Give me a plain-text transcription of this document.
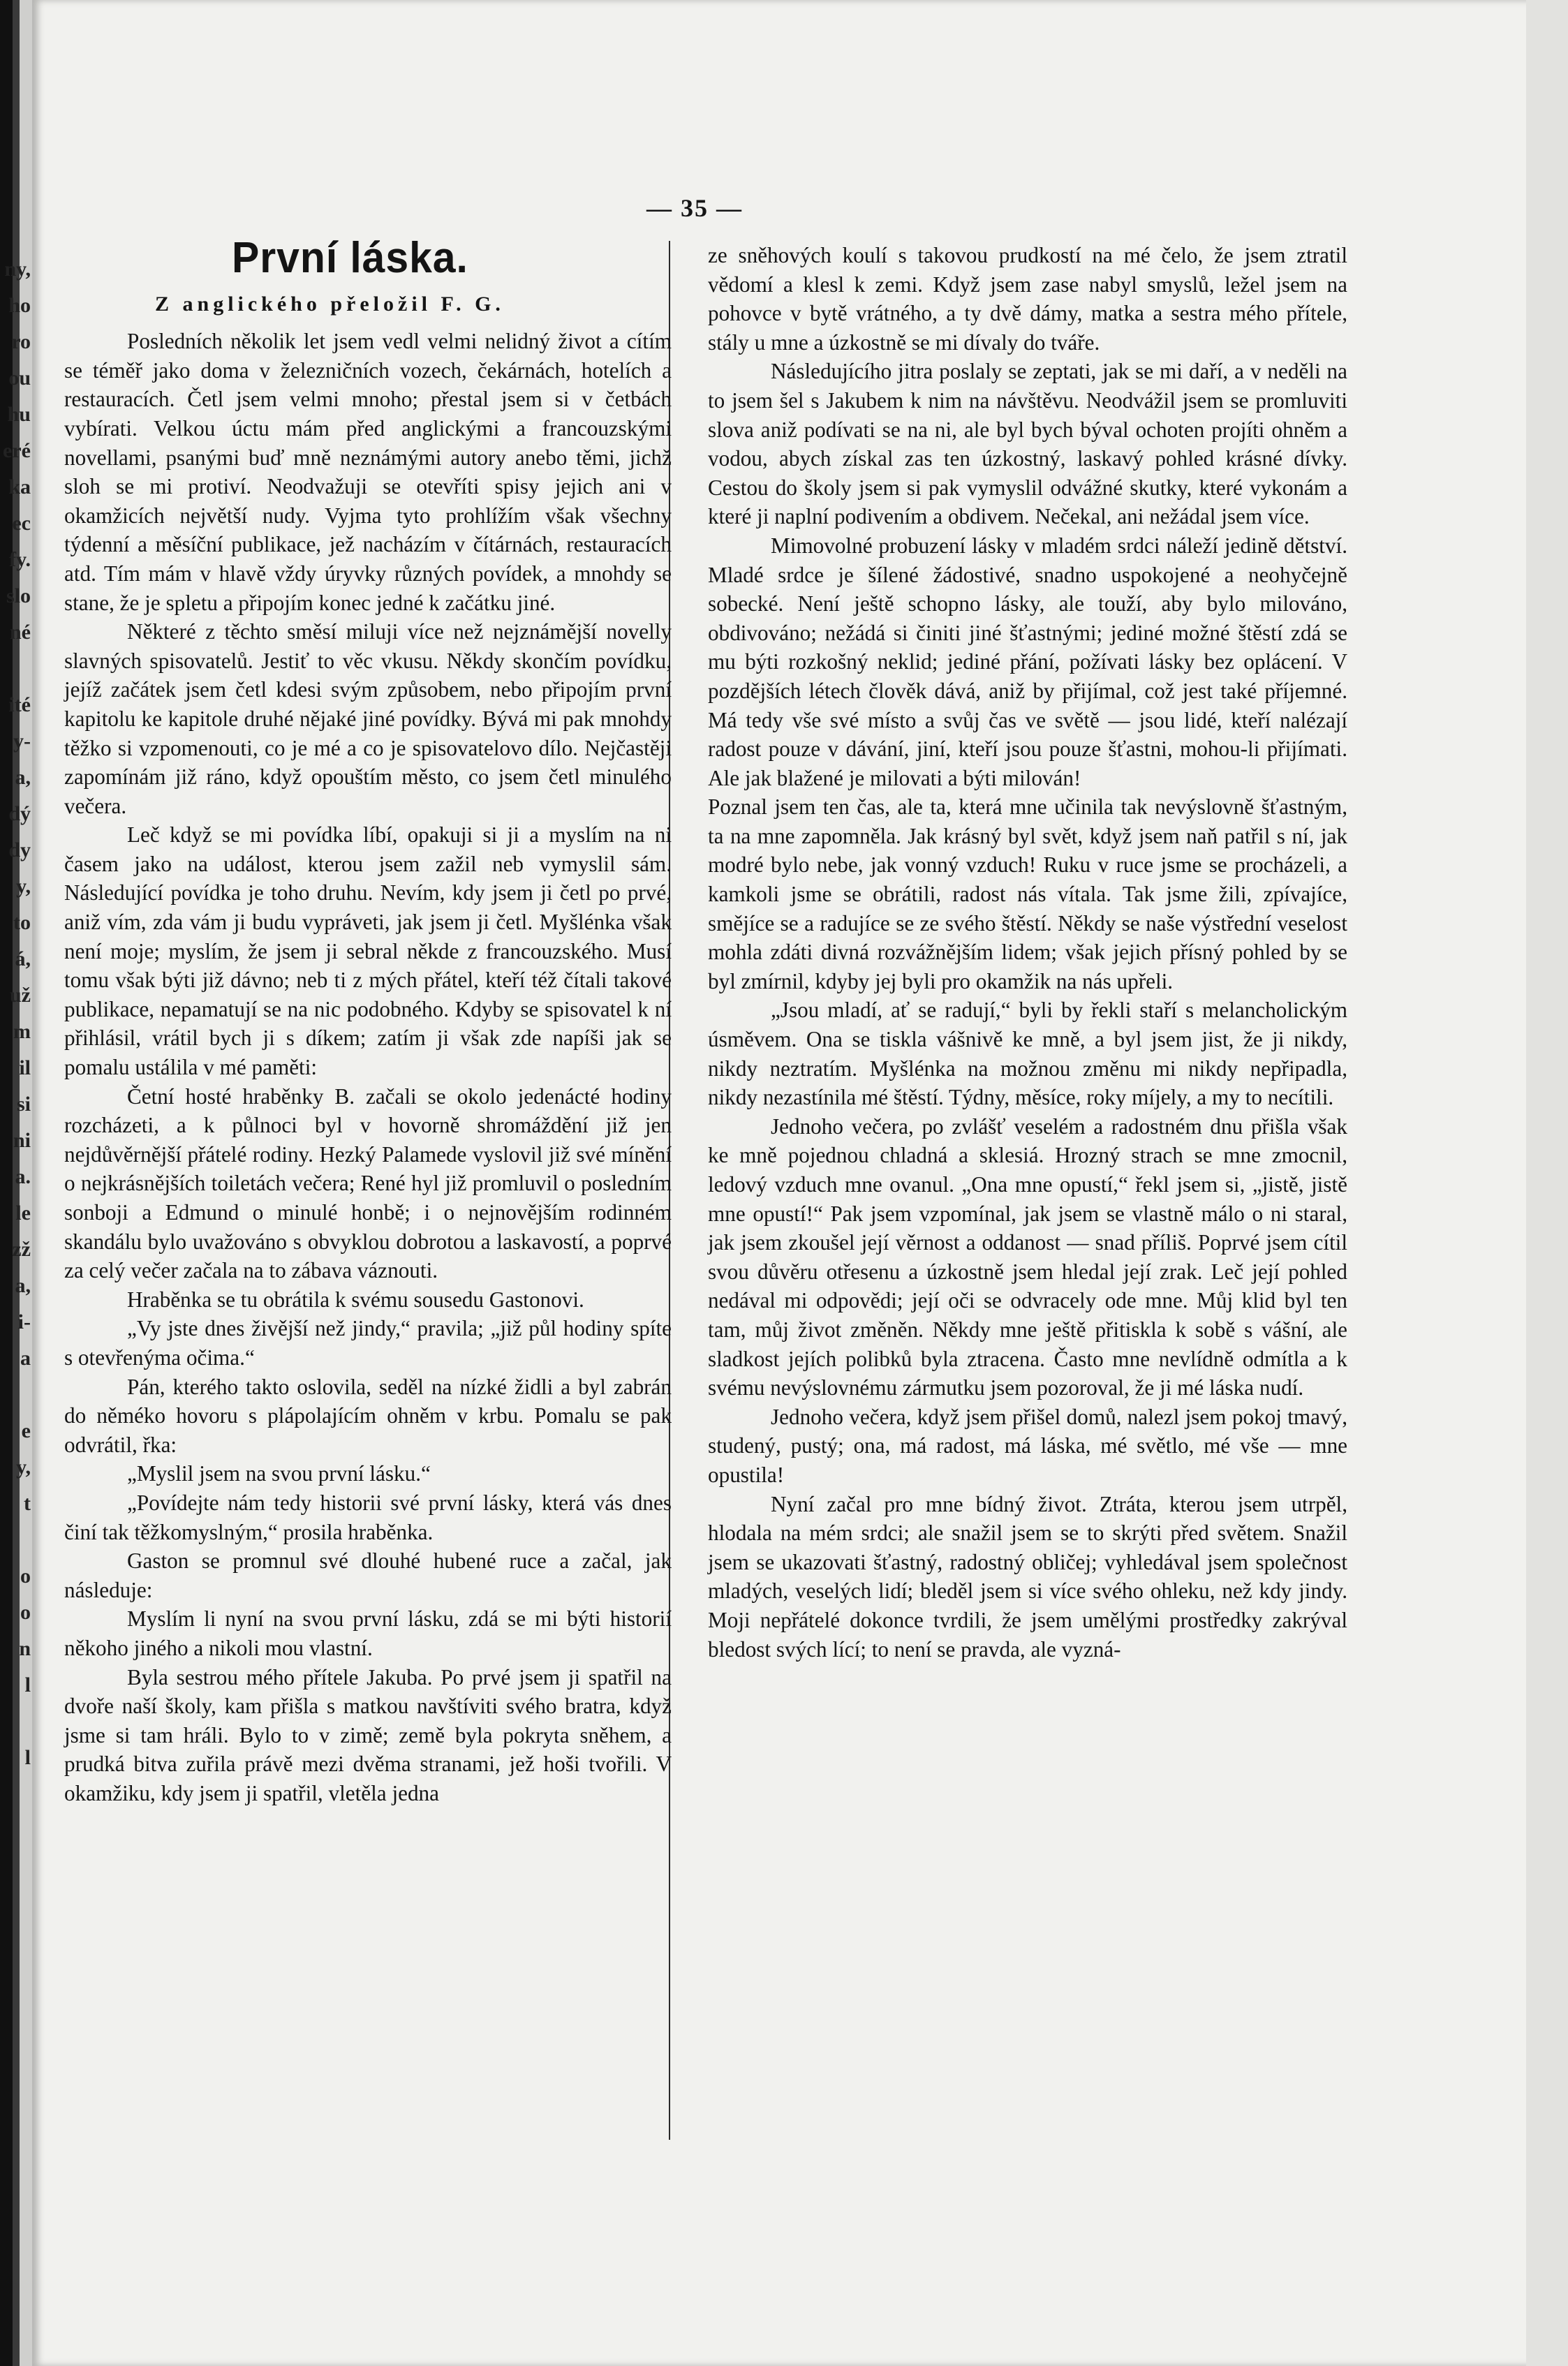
ny,
ho
ro
ou
hu
eré
ka
ec
fy.
slo
né

ité
y-
a,
dý
dy
y,
to
á,
už
m
il
si
ni
a.
le
zž
a,
i-
a

e
y,
t

o
o
n
l

l

— 35 —
První láska.
Z anglického přeložil F. G.

Posledních několik let jsem vedl velmi nelidný život a cítím se téměř jako doma v železničních vozech, čekárnách, hotelích a restauracích. Četl jsem velmi mnoho; přestal jsem si v četbách vybírati. Velkou úctu mám před anglickými a francouzskými novellami, psanými buď mně neznámými autory anebo těmi, jichž sloh se mi protiví. Neodvažuji se otevříti spisy jejich ani v okamžicích největší nudy. Vyjma tyto prohlížím však všechny týdenní a měsíční publikace, jež nacházím v čítárnách, restauracích atd. Tím mám v hlavě vždy úryvky různých povídek, a mnohdy se stane, že je spletu a připojím konec jedné k začátku jiné.

Některé z těchto směsí miluji více než nejznámější novelly slavných spisovatelů. Jestiť to věc vkusu. Někdy skončím povídku, jejíž začátek jsem četl kdesi svým způsobem, nebo připojím první kapitolu ke kapitole druhé nějaké jiné povídky. Bývá mi pak mnohdy těžko si vzpomenouti, co je mé a co je spisovatelovo dílo. Nejčastěji zapomínám již ráno, když opouštím město, co jsem četl minulého večera.

Leč když se mi povídka líbí, opakuji si ji a myslím na ni časem jako na událost, kterou jsem zažil neb vymyslil sám. Následující povídka je toho druhu. Nevím, kdy jsem ji četl po prvé, aniž vím, zda vám ji budu vypráveti, jak jsem ji četl. Myšlénka však není moje; myslím, že jsem ji sebral někde z francouzského. Musí tomu však býti již dávno; neb ti z mých přátel, kteří též čítali takové publikace, nepamatují se na nic podobného. Kdyby se spisovatel k ní přihlásil, vrátil bych ji s díkem; zatím ji však zde napíši jak se pomalu ustálila v mé paměti:

Četní hosté hraběnky B. začali se okolo jedenácté hodiny rozcházeti, a k půlnoci byl v hovorně shromáždění již jen nejdůvěrnější přátelé rodiny. Hezký Palamede vyslovil již své mínění o nejkrásnějších toiletách večera; René hyl již promluvil o posledním sonboji a Edmund o minulé honbě; i o nejnovějším rodinném skandálu bylo uvažováno s obvyklou dobrotou a laskavostí, a poprvé za celý večer začala na to zábava váznouti.

Hraběnka se tu obrátila k svému sousedu Gastonovi.

„Vy jste dnes živější než jindy,“ pravila; „již půl hodiny spíte s otevřenýma očima.“

Pán, kterého takto oslovila, seděl na nízké židli a byl zabrán do něméko hovoru s plápolajícím ohněm v krbu. Pomalu se pak odvrátil, řka:

„Myslil jsem na svou první lásku.“

„Povídejte nám tedy historii své první lásky, která vás dnes činí tak těžkomyslným,“ prosila hraběnka.

Gaston se promnul své dlouhé hubené ruce a začal, jak následuje:

Myslím li nyní na svou první lásku, zdá se mi býti historií někoho jiného a nikoli mou vlastní.

Byla sestrou mého přítele Jakuba. Po prvé jsem ji spatřil na dvoře naší školy, kam přišla s matkou navštíviti svého bratra, když jsme si tam hráli. Bylo to v zimě; země byla pokryta sněhem, a prudká bitva zuřila právě mezi dvěma stranami, jež hoši tvořili. V okamžiku, kdy jsem ji spatřil, vletěla jedna

ze sněhových koulí s takovou prudkostí na mé čelo, že jsem ztratil vědomí a klesl k zemi. Když jsem zase nabyl smyslů, ležel jsem na pohovce v bytě vrátného, a ty dvě dámy, matka a sestra mého přítele, stály u mne a úzkostně se mi dívaly do tváře.

Následujícího jitra poslaly se zeptati, jak se mi daří, a v neděli na to jsem šel s Jakubem k nim na návštěvu. Neodvážil jsem se promluviti slova aniž podívati se na ni, ale byl bych býval ochoten projíti ohněm a vodou, abych získal zas ten úzkostný, laskavý pohled krásné dívky. Cestou do školy jsem si pak vymyslil odvážné skutky, které vykonám a které ji naplní podivením a obdivem. Nečekal, ani nežádal jsem více.

Mimovolné probuzení lásky v mladém srdci náleží jedině dětství. Mladé srdce je šílené žádostivé, snadno uspokojené a neohyčejně sobecké. Není ještě schopno lásky, ale touží, aby bylo milováno, obdivováno; nežádá si činiti jiné šťastnými; jediné možné štěstí zdá se mu býti rozkošný neklid; jediné přání, požívati lásky bez oplácení. V pozdějších létech člověk dává, aniž by přijímal, což jest také příjemné. Má tedy vše své místo a svůj čas ve světě — jsou lidé, kteří nalézají radost pouze v dávání, jiní, kteří jsou pouze šťastni, mohou-li přijímati. Ale jak blažené je milovati a býti milován!

Poznal jsem ten čas, ale ta, která mne učinila tak nevýslovně šťastným, ta na mne zapomněla. Jak krásný byl svět, když jsem naň patřil s ní, jak modré bylo nebe, jak vonný vzduch! Ruku v ruce jsme se procházeli, a kamkoli jsme se obrátili, radost nás vítala. Tak jsme žili, zpívajíce, smějíce se a radujíce se ze svého štěstí. Někdy se naše výstřední veselost mohla zdáti divná rozvážnějším lidem; však jejich přísný pohled by se byl zmírnil, kdyby jej byli pro okamžik na nás upřeli.

„Jsou mladí, ať se radují,“ byli by řekli staří s melancholickým úsměvem. Ona se tiskla vášnivě ke mně, a byl jsem jist, že ji nikdy, nikdy neztratím. Myšlénka na možnou změnu mi nikdy nepřipadla, nikdy nezastínila mé štěstí. Týdny, měsíce, roky míjely, a my to necítili.

Jednoho večera, po zvlášť veselém a radostném dnu přišla však ke mně pojednou chladná a sklesiá. Hrozný strach se mne zmocnil, ledový vzduch mne ovanul. „Ona mne opustí,“ řekl jsem si, „jistě, jistě mne opustí!“ Pak jsem vzpomínal, jak jsem se vlastně málo o ni staral, jak jsem zkoušel její věrnost a oddanost — snad příliš. Poprvé jsem cítil svou důvěru otřesenu a úzkostně jsem hledal její zrak. Leč její pohled nedával mi odpovědi; její oči se odvracely ode mne. Můj klid byl ten tam, můj život změněn. Někdy mne ještě přitiskla k sobě s vášní, ale sladkost jejích polibků byla ztracena. Často mne nevlídně odmítla a k svému nevýslovnému zármutku jsem pozoroval, že ji mé láska nudí.

Jednoho večera, když jsem přišel domů, nalezl jsem pokoj tmavý, studený, pustý; ona, má radost, má láska, mé světlo, mé vše — mne opustila!

Nyní začal pro mne bídný život. Ztráta, kterou jsem utrpěl, hlodala na mém srdci; ale snažil jsem se to skrýti před světem. Snažil jsem se ukazovati šťastný, radostný obličej; vyhledával jsem společnost mladých, veselých lidí; bleděl jsem si více svého ohleku, než kdy jindy. Moji nepřátelé dokonce tvrdili, že jsem umělými prostředky zakrýval bledost svých lící; to není se pravda, ale vyzná-
